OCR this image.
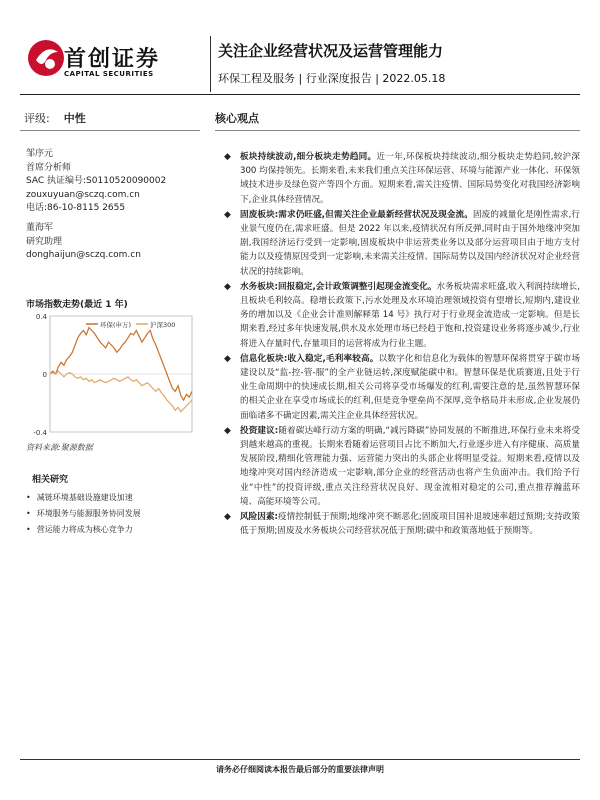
首创证券
CAPITAL SECURITIES
关注企业经营状况及运营管理能力
环保工程及服务 | 行业深度报告 | 2022.05.18
评级: 中性
邹序元
首席分析师
SAC 执证编号:S0110520090002
zouxuyuan@sczq.com.cn
电话:86-10-8115 2655
董海军
研究助理
donghaijun@sczq.com.cn
市场指数走势(最近 1 年)
0.4
0
-0.4
环保(申万)	沪深300
资料来源:聚源数据
相关研究
• 减链环境基础设施建设加速
• 环境服务与能源服务协同发展
• 营运能力将成为核心竞争力
核心观点
◆ 板块持续波动,细分板块走势趋同。近一年,环保板块持续波动,细分板块走势趋同,较沪深 300 均保持领先。长期来看,未来我们重点关注环保运营、环境与能源产业一体化、环保领域技术进步及绿色资产等四个方面。短期来看,需关注疫情、国际局势变化对我国经济影响下,企业具体经营情况。
◆ 固废板块:需求仍旺盛,但需关注企业最新经营状况及现金流。固废的减量化是刚性需求,行业景气度仍在,需求旺盛。但是 2022 年以来,疫情状况有所反弹,同时由于国外地缘冲突加剧,我国经济运行受到一定影响,固废板块中非运营类业务以及部分运营项目由于地方支付能力以及疫情原因受到一定影响,未来需关注疫情、国际局势以及国内经济状况对企业经营状况的持续影响。
◆ 水务板块:回报稳定,会计政策调整引起现金流变化。水务板块需求旺盛,收入利润持续增长,且板块毛利较高。稳增长政策下,污水处理及水环境治理领域投资有望增长,短期内,建设业务的增加以及《企业会计准则解释第 14 号》执行对于行业现金流造成一定影响。但是长期来看,经过多年快速发展,供水及水处理市场已经趋于饱和,投资建设业务将逐步减少,行业将进入存量时代,存量项目的运营将成为行业主题。
◆ 信息化板块:收入稳定,毛利率较高。以数字化和信息化为载体的智慧环保将贯穿于碳市场建设以及“监-控-管-服”的全产业链运转,深度赋能碳中和。智慧环保是优质赛道,且处于行业生命周期中的快速成长期,相关公司将享受市场爆发的红利,需要注意的是,虽然智慧环保的相关企业在享受市场成长的红利,但是竞争壁垒尚不深厚,竞争格局并未形成,企业发展仍面临诸多不确定因素,需关注企业具体经营状况。
◆ 投资建议:随着碳达峰行动方案的明确,“减污降碳”协同发展的不断推进,环保行业未来将受到越来越高的重视。长期来看随着运营项目占比不断加大,行业逐步进入有序健康、高质量发展阶段,精细化管理能力强、运营能力突出的头部企业将明显受益。短期来看,疫情以及地缘冲突对国内经济造成一定影响,部分企业的经营活动也将产生负面冲击。我们给予行业“中性”的投资评级,重点关注经营状况良好、现金流相对稳定的公司,重点推荐瀚蓝环境、高能环境等公司。
◆ 风险因素:疫情控制低于预期;地缘冲突不断恶化;固废项目国补退坡速率超过预期;支持政策低于预期;固废及水务板块公司经营状况低于预期;碳中和政策落地低于预期等。
请务必仔细阅读本报告最后部分的重要法律声明
